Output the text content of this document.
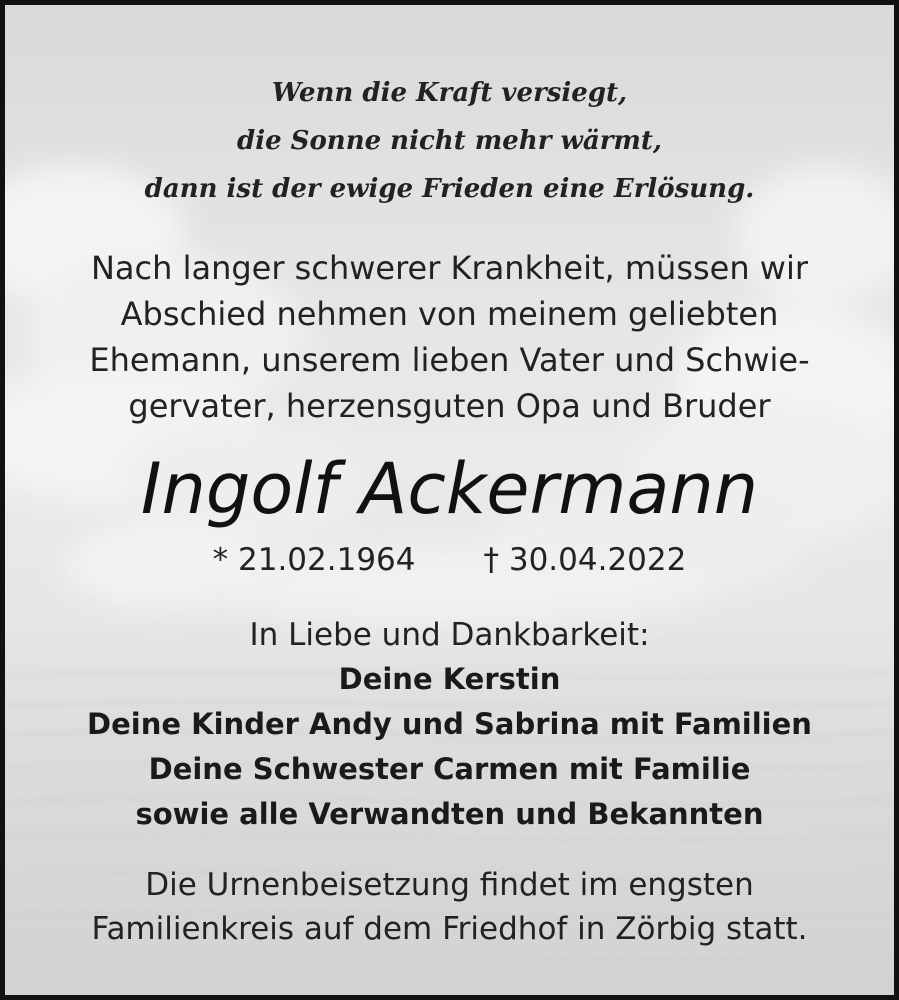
Wenn die Kraft versiegt,
die Sonne nicht mehr wärmt,
dann ist der ewige Frieden eine Erlösung.
Nach langer schwerer Krankheit, müssen wir
Abschied nehmen von meinem geliebten
Ehemann, unserem lieben Vater und Schwie-
gervater, herzensguten Opa und Bruder
Ingolf Ackermann
* 21.02.1964 † 30.04.2022
In Liebe und Dankbarkeit:
Deine Kerstin
Deine Kinder Andy und Sabrina mit Familien
Deine Schwester Carmen mit Familie
sowie alle Verwandten und Bekannten
Die Urnenbeisetzung findet im engsten
Familienkreis auf dem Friedhof in Zörbig statt.
